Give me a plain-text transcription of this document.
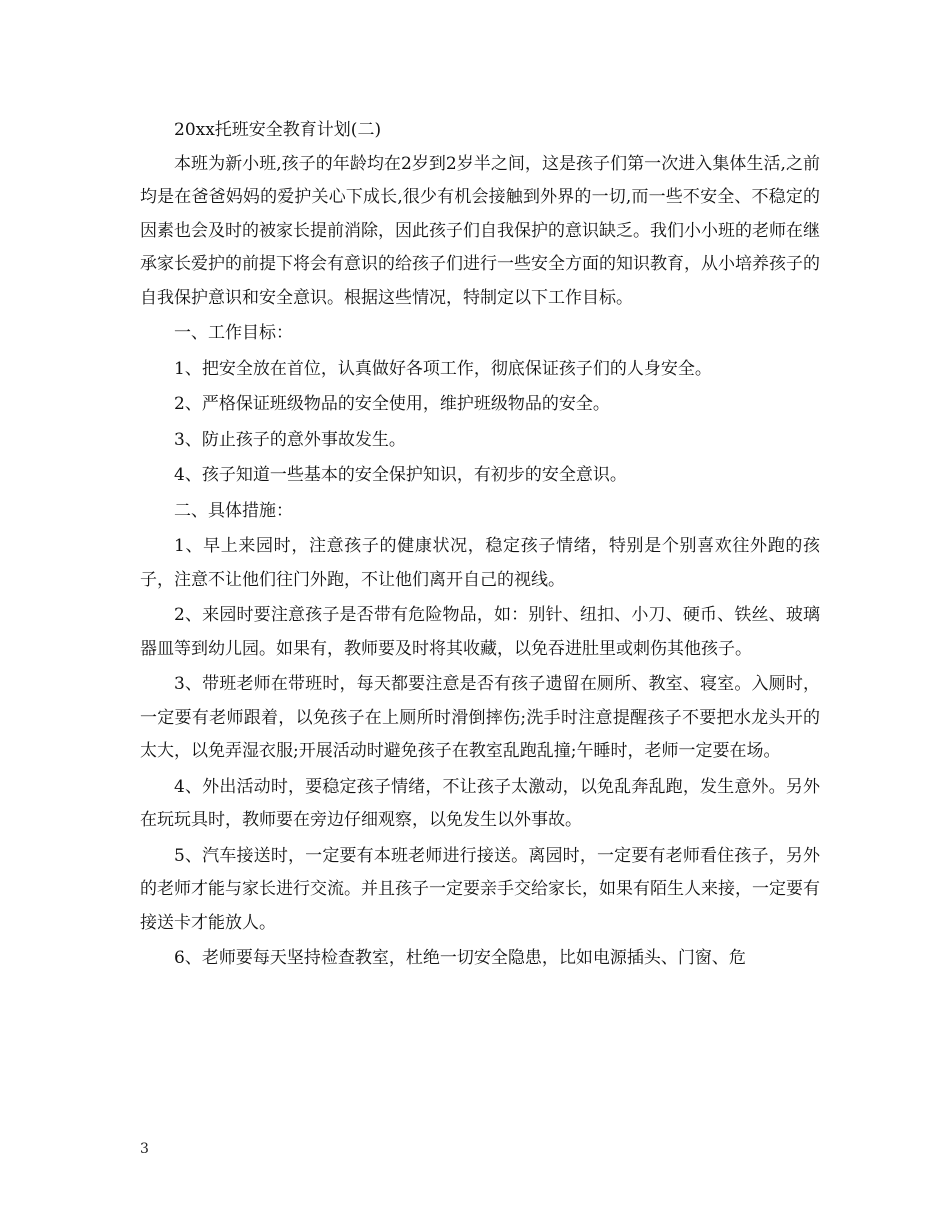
20xx托班安全教育计划(二)

本班为新小班,孩子的年龄均在2岁到2岁半之间，这是孩子们第一次进入集体生活,之前均是在爸爸妈妈的爱护关心下成长,很少有机会接触到外界的一切,而一些不安全、不稳定的因素也会及时的被家长提前消除，因此孩子们自我保护的意识缺乏。我们小小班的老师在继承家长爱护的前提下将会有意识的给孩子们进行一些安全方面的知识教育，从小培养孩子的自我保护意识和安全意识。根据这些情况，特制定以下工作目标。

一、工作目标：

1、把安全放在首位，认真做好各项工作，彻底保证孩子们的人身安全。

2、严格保证班级物品的安全使用，维护班级物品的安全。

3、防止孩子的意外事故发生。

4、孩子知道一些基本的安全保护知识，有初步的安全意识。

二、具体措施：

1、早上来园时，注意孩子的健康状况，稳定孩子情绪，特别是个别喜欢往外跑的孩子，注意不让他们往门外跑，不让他们离开自己的视线。

2、来园时要注意孩子是否带有危险物品，如：别针、纽扣、小刀、硬币、铁丝、玻璃器皿等到幼儿园。如果有，教师要及时将其收藏，以免吞进肚里或刺伤其他孩子。

3、带班老师在带班时，每天都要注意是否有孩子遗留在厕所、教室、寝室。入厕时，一定要有老师跟着，以免孩子在上厕所时滑倒摔伤;洗手时注意提醒孩子不要把水龙头开的太大，以免弄湿衣服;开展活动时避免孩子在教室乱跑乱撞;午睡时，老师一定要在场。

4、外出活动时，要稳定孩子情绪，不让孩子太激动，以免乱奔乱跑，发生意外。另外在玩玩具时，教师要在旁边仔细观察，以免发生以外事故。

5、汽车接送时，一定要有本班老师进行接送。离园时，一定要有老师看住孩子，另外的老师才能与家长进行交流。并且孩子一定要亲手交给家长，如果有陌生人来接，一定要有接送卡才能放人。

6、老师要每天坚持检查教室，杜绝一切安全隐患，比如电源插头、门窗、危

3
